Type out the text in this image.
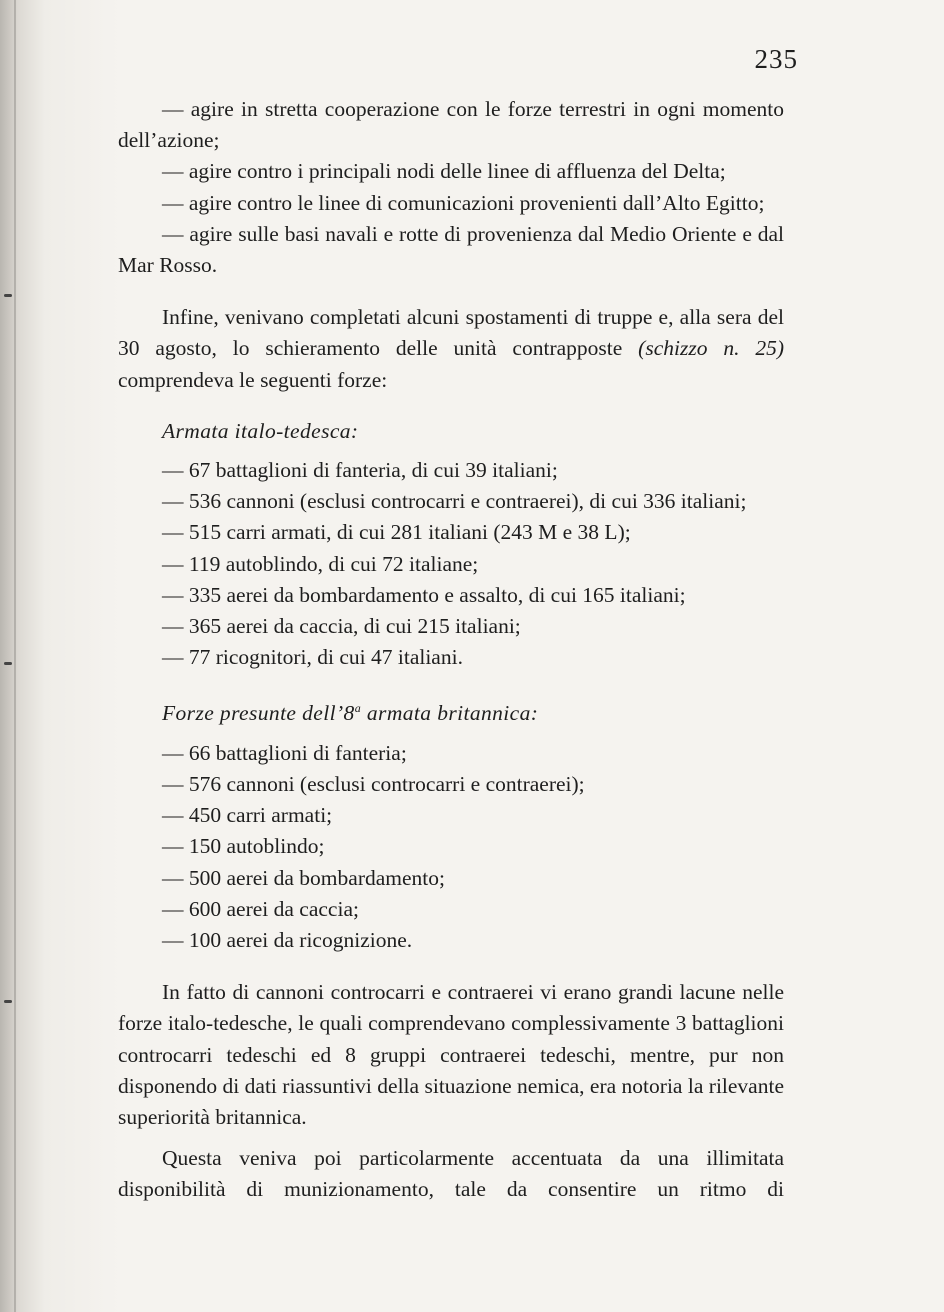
235

— agire in stretta cooperazione con le forze terrestri in ogni momento dell’azione;

— agire contro i principali nodi delle linee di affluenza del Delta;

— agire contro le linee di comunicazioni provenienti dall’Alto Egitto;

— agire sulle basi navali e rotte di provenienza dal Medio Oriente e dal Mar Rosso.

Infine, venivano completati alcuni spostamenti di truppe e, alla sera del 30 agosto, lo schieramento delle unità contrapposte (schizzo n. 25) comprendeva le seguenti forze:

Armata italo-tedesca:

— 67 battaglioni di fanteria, di cui 39 italiani;

— 536 cannoni (esclusi controcarri e contraerei), di cui 336 italiani;

— 515 carri armati, di cui 281 italiani (243 M e 38 L);

— 119 autoblindo, di cui 72 italiane;

— 335 aerei da bombardamento e assalto, di cui 165 italiani;

— 365 aerei da caccia, di cui 215 italiani;

— 77 ricognitori, di cui 47 italiani.

Forze presunte dell’8$^a$ armata britannica:

— 66 battaglioni di fanteria;

— 576 cannoni (esclusi controcarri e contraerei);

— 450 carri armati;

— 150 autoblindo;

— 500 aerei da bombardamento;

— 600 aerei da caccia;

— 100 aerei da ricognizione.

In fatto di cannoni controcarri e contraerei vi erano grandi lacune nelle forze italo-tedesche, le quali comprendevano complessivamente 3 battaglioni controcarri tedeschi ed 8 gruppi contraerei tedeschi, mentre, pur non disponendo di dati riassuntivi della situazione nemica, era notoria la rilevante superiorità britannica.

Questa veniva poi particolarmente accentuata da una illimitata disponibilità di munizionamento, tale da consentire un ritmo di
